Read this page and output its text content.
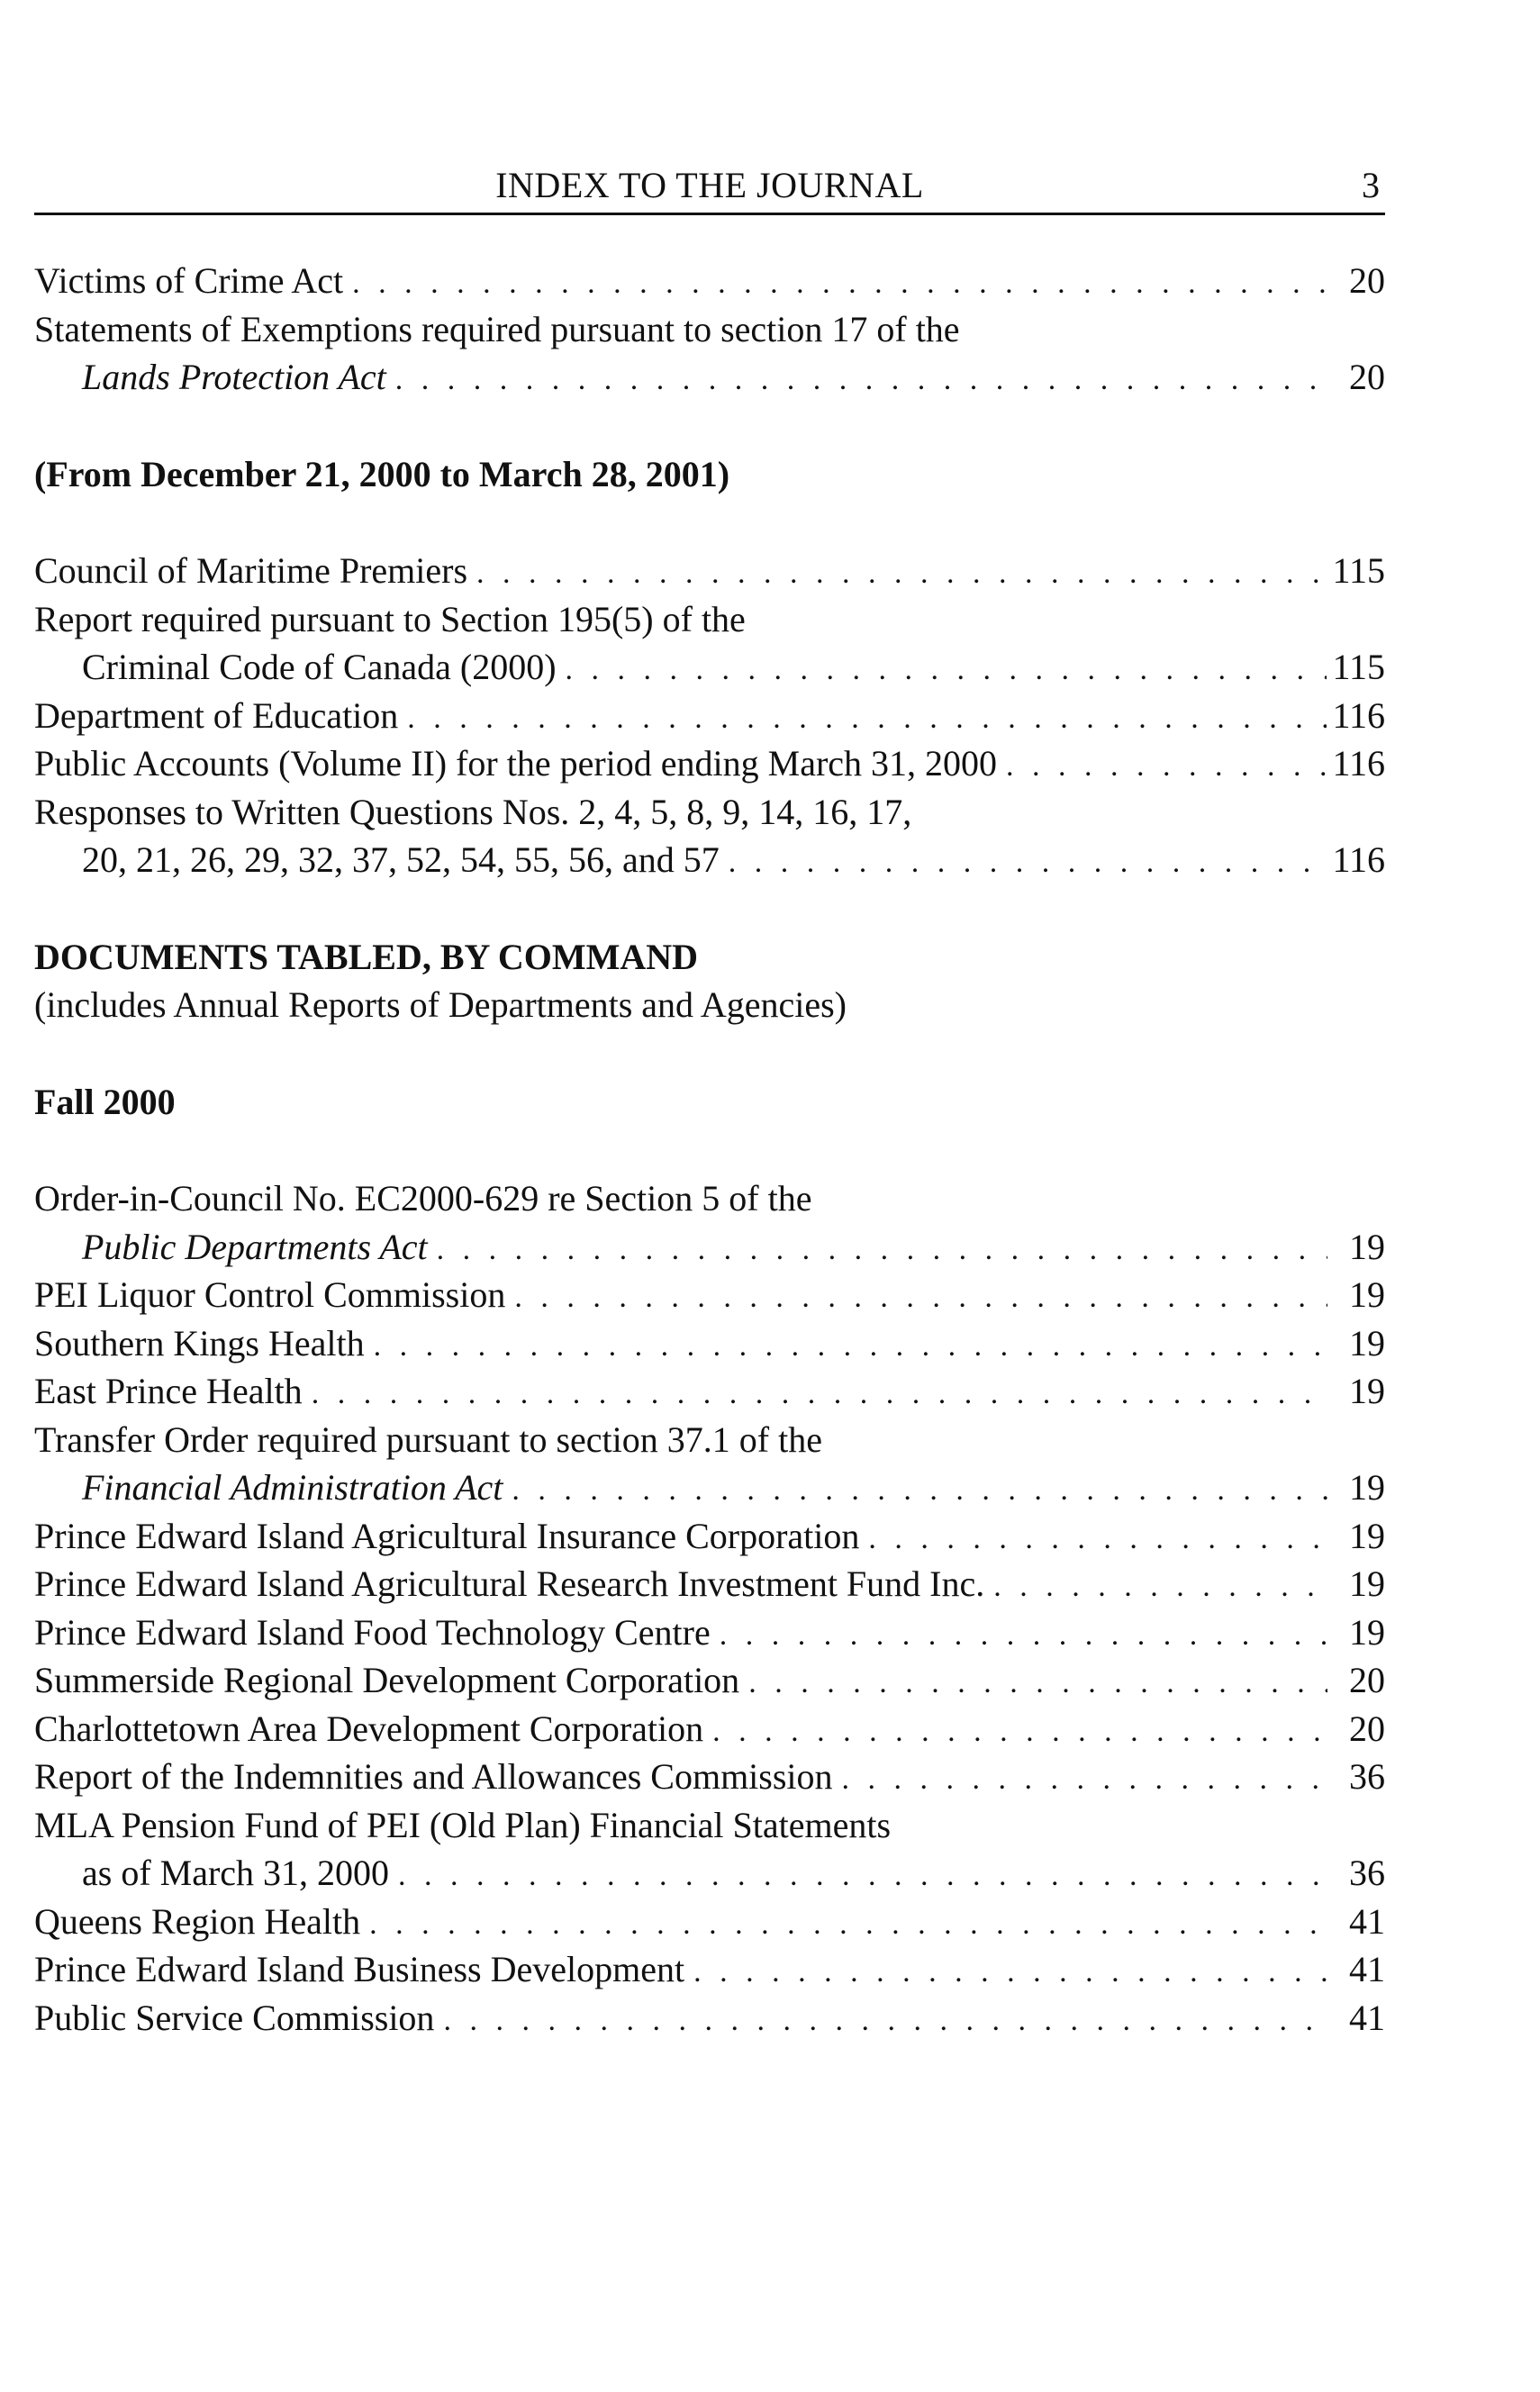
INDEX TO THE JOURNAL	3
Victims of Crime Act . . .	20
Statements of Exemptions required pursuant to section 17 of the
Lands Protection Act . . .	20
(From December 21, 2000 to March 28, 2001)
Council of Maritime Premiers . . .	115
Report required pursuant to Section 195(5) of the
Criminal Code of Canada (2000) . . .	115
Department of Education . . .	116
Public Accounts (Volume II) for the period ending March 31, 2000 . . .	116
Responses to Written Questions Nos. 2, 4, 5, 8, 9, 14, 16, 17,
20, 21, 26, 29, 32, 37, 52, 54, 55, 56, and 57 . . .	116
DOCUMENTS TABLED, BY COMMAND
(includes Annual Reports of Departments and Agencies)
Fall 2000
Order-in-Council No. EC2000-629 re Section 5 of the
Public Departments Act . . .	19
PEI Liquor Control Commission . . .	19
Southern Kings Health . . .	19
East Prince Health . . .	19
Transfer Order required pursuant to section 37.1 of the
Financial Administration Act . . .	19
Prince Edward Island Agricultural Insurance Corporation . . .	19
Prince Edward Island Agricultural Research Investment Fund Inc. . . .	19
Prince Edward Island Food Technology Centre . . .	19
Summerside Regional Development Corporation . . .	20
Charlottetown Area Development Corporation . . .	20
Report of the Indemnities and Allowances Commission . . .	36
MLA Pension Fund of PEI (Old Plan) Financial Statements
as of March 31, 2000 . . .	36
Queens Region Health . . .	41
Prince Edward Island Business Development . . .	41
Public Service Commission . . .	41
